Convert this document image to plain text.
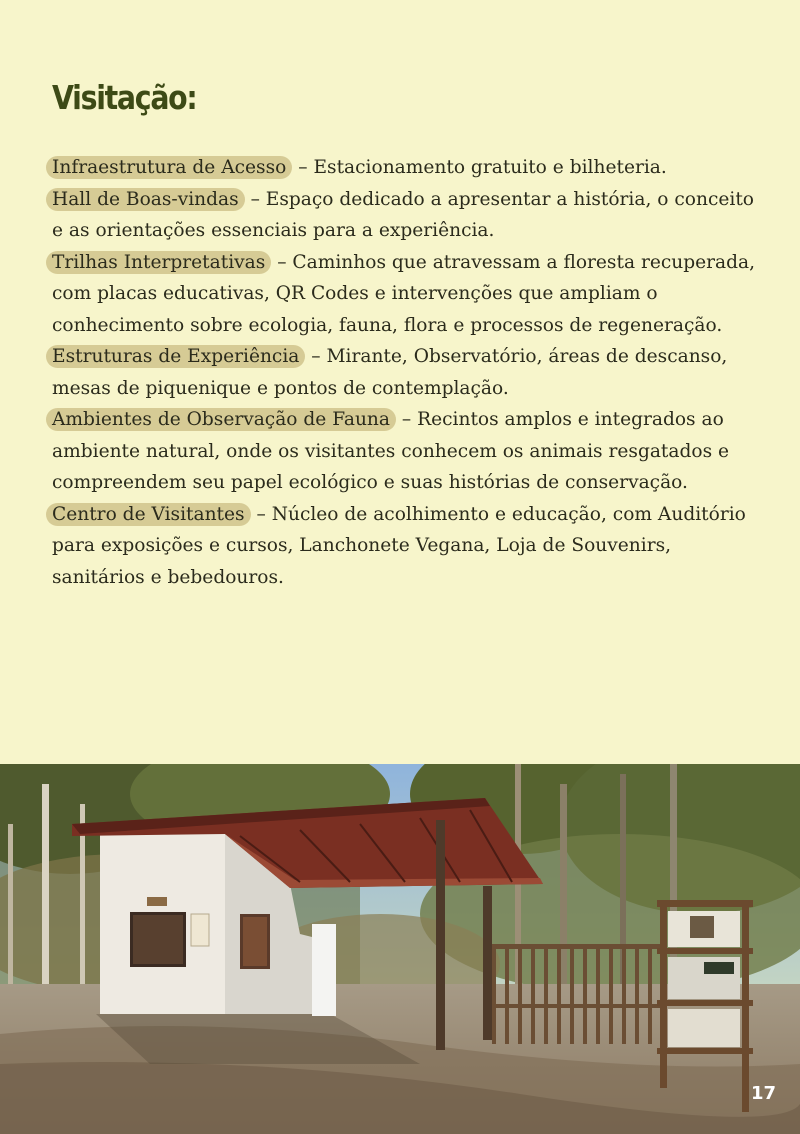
Visitação:

Infraestrutura de Acesso – Estacionamento gratuito e bilheteria.

Hall de Boas-vindas – Espaço dedicado a apresentar a história, o conceito e as orientações essenciais para a experiência.

Trilhas Interpretativas – Caminhos que atravessam a floresta recuperada, com placas educativas, QR Codes e intervenções que ampliam o conhecimento sobre ecologia, fauna, flora e processos de regeneração.

Estruturas de Experiência – Mirante, Observatório, áreas de descanso, mesas de piquenique e pontos de contemplação.

Ambientes de Observação de Fauna – Recintos amplos e integrados ao ambiente natural, onde os visitantes conhecem os animais resgatados e compreendem seu papel ecológico e suas histórias de conservação.

Centro de Visitantes – Núcleo de acolhimento e educação, com Auditório para exposições e cursos, Lanchonete Vegana, Loja de Souvenirs, sanitários e bebedouros.

17
